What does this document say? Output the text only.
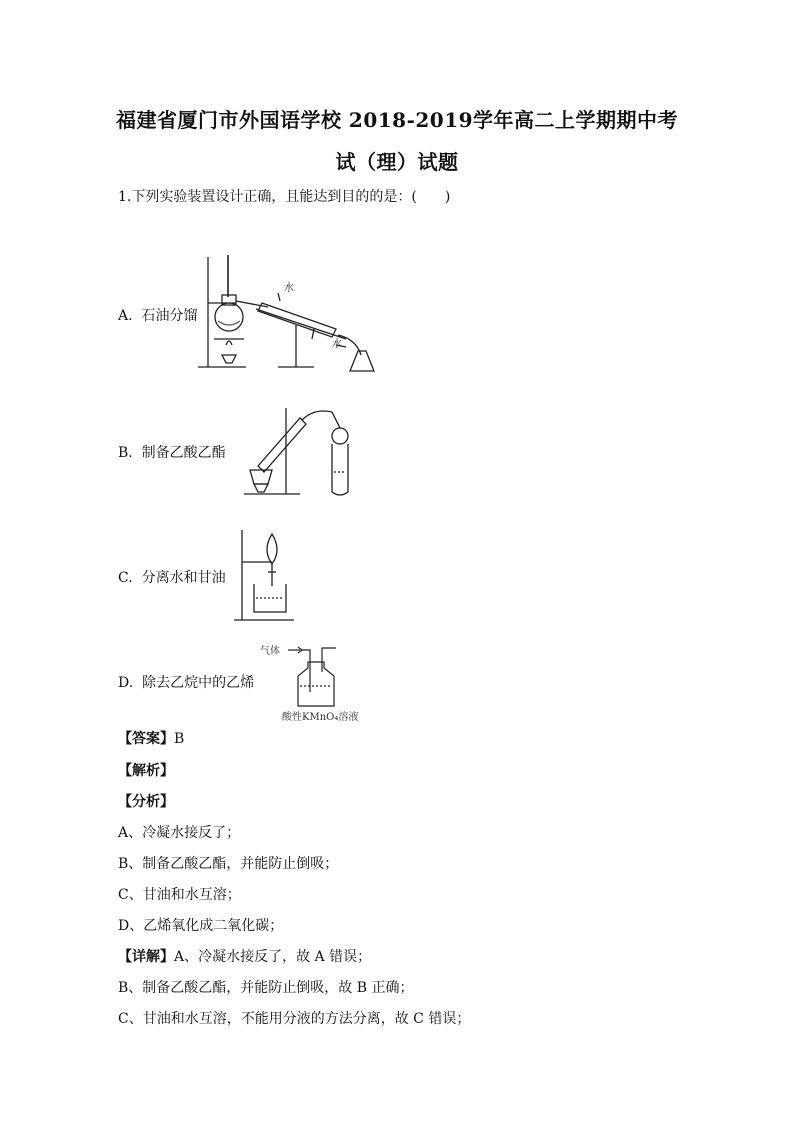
福建省厦门市外国语学校 2018-2019学年高二上学期期中考
试（理）试题
1.下列实验装置设计正确，且能达到目的的是：(　　)
A. 石油分馏
水
水
B. 制备乙酸乙酯
C. 分离水和甘油
D. 除去乙烷中的乙烯
气体
酸性KMnO₄溶液
【答案】B
【解析】
【分析】
A、冷凝水接反了；
B、制备乙酸乙酯，并能防止倒吸；
C、甘油和水互溶；
D、乙烯氧化成二氧化碳；
【详解】A、冷凝水接反了，故 A 错误；
B、制备乙酸乙酯，并能防止倒吸，故 B 正确；
C、甘油和水互溶，不能用分液的方法分离，故 C 错误；
